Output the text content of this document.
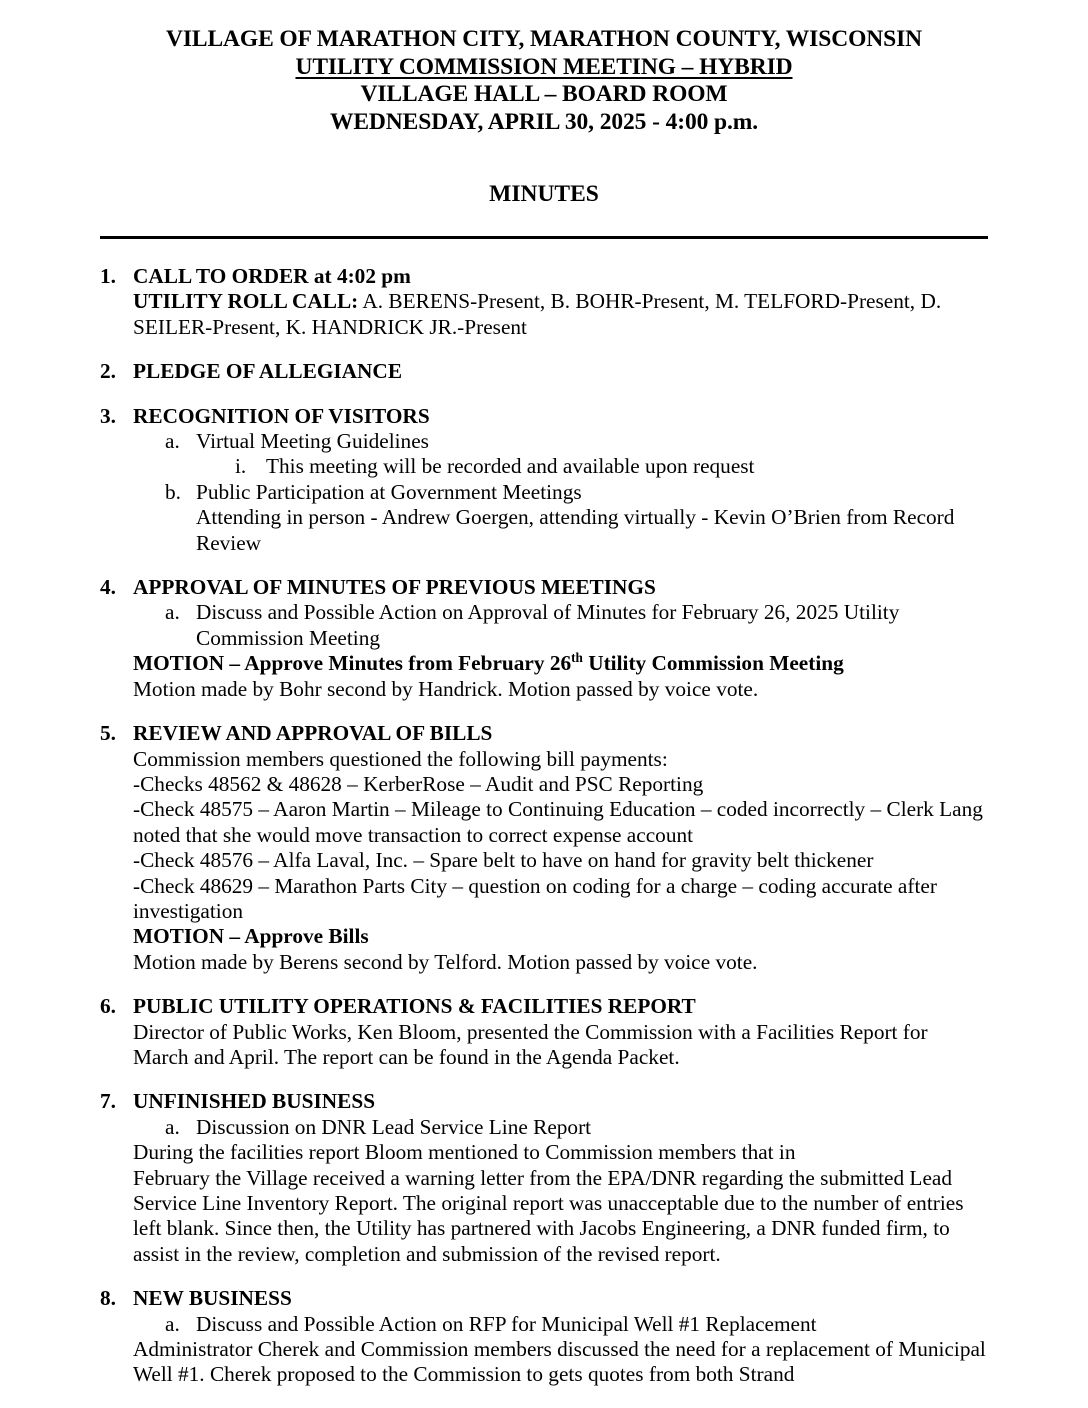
VILLAGE OF MARATHON CITY, MARATHON COUNTY, WISCONSIN
UTILITY COMMISSION MEETING – HYBRID
VILLAGE HALL – BOARD ROOM
WEDNESDAY, APRIL 30, 2025 - 4:00 p.m.
MINUTES
1. CALL TO ORDER at 4:02 pm
UTILITY ROLL CALL: A. BERENS-Present, B. BOHR-Present, M. TELFORD-Present, D. SEILER-Present, K. HANDRICK JR.-Present
2. PLEDGE OF ALLEGIANCE
3. RECOGNITION OF VISITORS
a. Virtual Meeting Guidelines
i. This meeting will be recorded and available upon request
b. Public Participation at Government Meetings
Attending in person - Andrew Goergen, attending virtually - Kevin O’Brien from Record Review
4. APPROVAL OF MINUTES OF PREVIOUS MEETINGS
a. Discuss and Possible Action on Approval of Minutes for February 26, 2025 Utility Commission Meeting
MOTION – Approve Minutes from February 26th Utility Commission Meeting
Motion made by Bohr second by Handrick. Motion passed by voice vote.
5. REVIEW AND APPROVAL OF BILLS
Commission members questioned the following bill payments:
-Checks 48562 & 48628 – KerberRose – Audit and PSC Reporting
-Check 48575 – Aaron Martin – Mileage to Continuing Education – coded incorrectly – Clerk Lang noted that she would move transaction to correct expense account
-Check 48576 – Alfa Laval, Inc. – Spare belt to have on hand for gravity belt thickener
-Check 48629 – Marathon Parts City – question on coding for a charge – coding accurate after investigation
MOTION – Approve Bills
Motion made by Berens second by Telford. Motion passed by voice vote.
6. PUBLIC UTILITY OPERATIONS & FACILITIES REPORT
Director of Public Works, Ken Bloom, presented the Commission with a Facilities Report for March and April. The report can be found in the Agenda Packet.
7. UNFINISHED BUSINESS
a. Discussion on DNR Lead Service Line Report
During the facilities report Bloom mentioned to Commission members that in
February the Village received a warning letter from the EPA/DNR regarding the submitted Lead Service Line Inventory Report. The original report was unacceptable due to the number of entries left blank. Since then, the Utility has partnered with Jacobs Engineering, a DNR funded firm, to assist in the review, completion and submission of the revised report.
8. NEW BUSINESS
a. Discuss and Possible Action on RFP for Municipal Well #1 Replacement
Administrator Cherek and Commission members discussed the need for a replacement of Municipal Well #1. Cherek proposed to the Commission to gets quotes from both Strand
